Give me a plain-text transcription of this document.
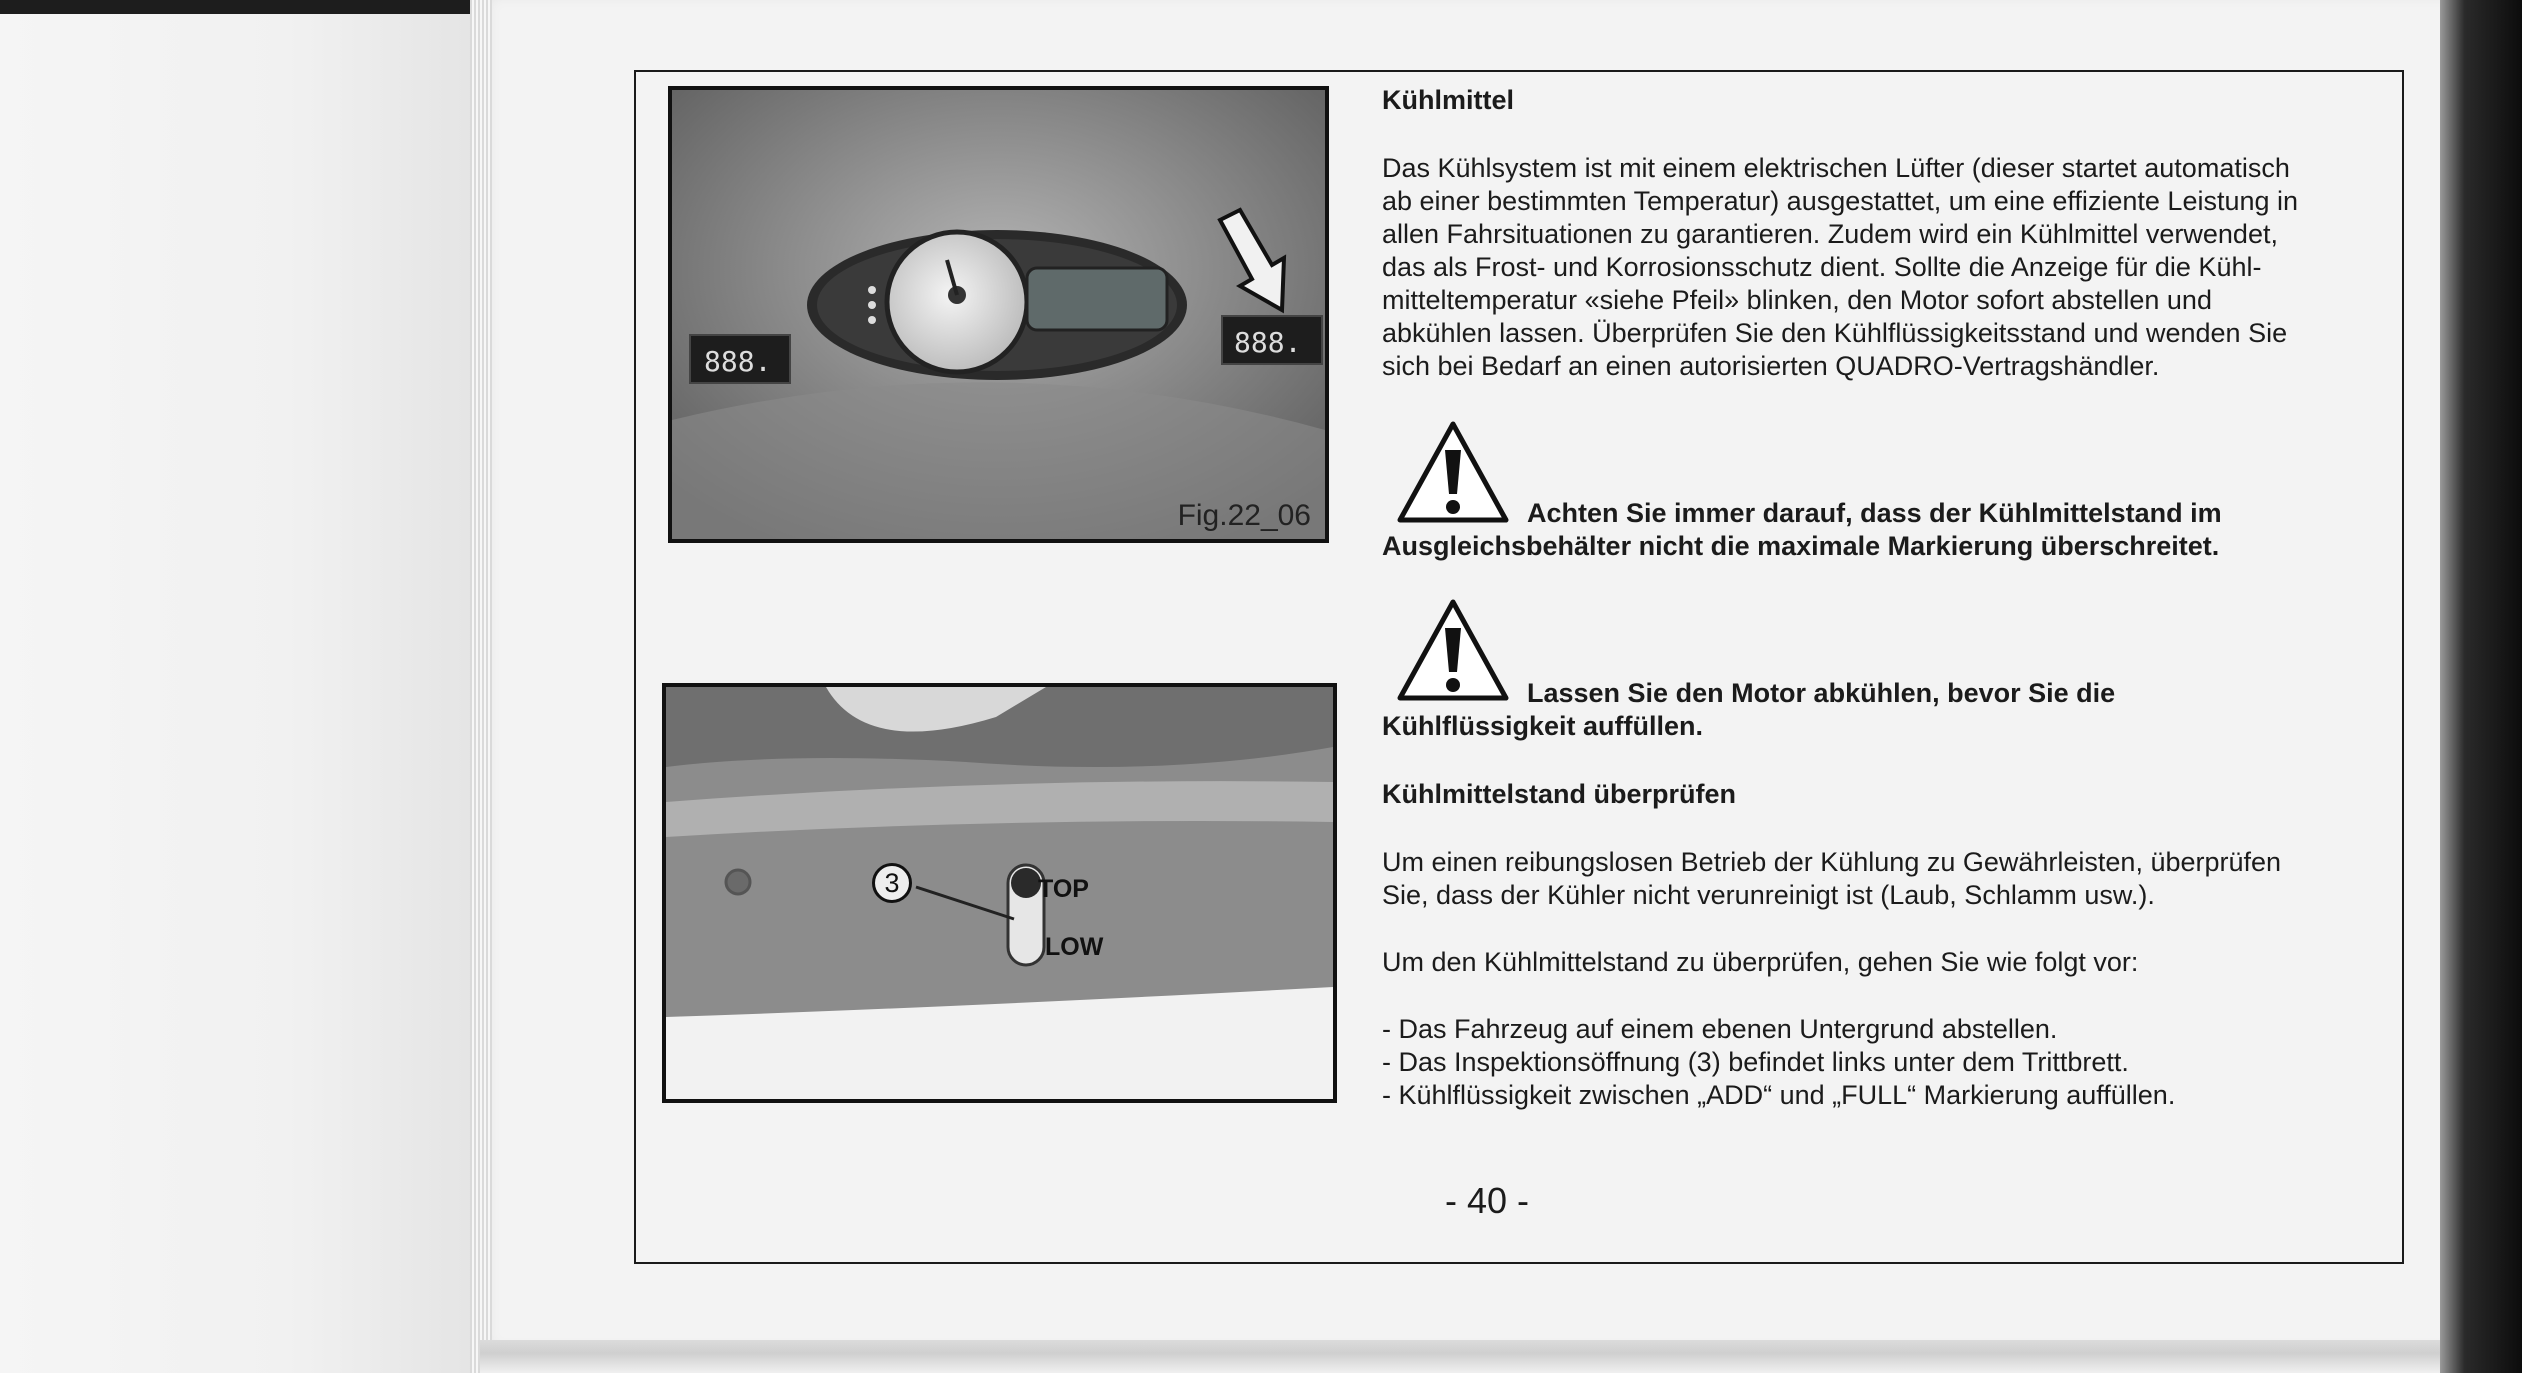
888.
888.
Fig.22_06
3	TOP
LOW
Kühlmittel
Das Kühlsystem ist mit einem elektrischen Lüfter (dieser startet automatisch
ab einer bestimmten Temperatur) ausgestattet, um eine effiziente Leistung in
allen Fahrsituationen zu garantieren. Zudem wird ein Kühlmittel verwendet,
das als Frost- und Korrosionsschutz dient. Sollte die Anzeige für die Kühl-
mitteltemperatur «siehe Pfeil» blinken, den Motor sofort abstellen und
abkühlen lassen. Überprüfen Sie den Kühlflüssigkeitsstand und wenden Sie
sich bei Bedarf an einen autorisierten QUADRO-Vertragshändler.
Achten Sie immer darauf, dass der Kühlmittelstand im
Ausgleichsbehälter nicht die maximale Markierung überschreitet.
Lassen Sie den Motor abkühlen, bevor Sie die
Kühlflüssigkeit auffüllen.
Kühlmittelstand überprüfen
Um einen reibungslosen Betrieb der Kühlung zu Gewährleisten, überprüfen
Sie, dass der Kühler nicht verunreinigt ist (Laub, Schlamm usw.).
Um den Kühlmittelstand zu überprüfen, gehen Sie wie folgt vor:
- Das Fahrzeug auf einem ebenen Untergrund abstellen.
- Das Inspektionsöffnung (3) befindet links unter dem Trittbrett.
- Kühlflüssigkeit zwischen „ADD“ und „FULL“ Markierung auffüllen.
- 40 -
